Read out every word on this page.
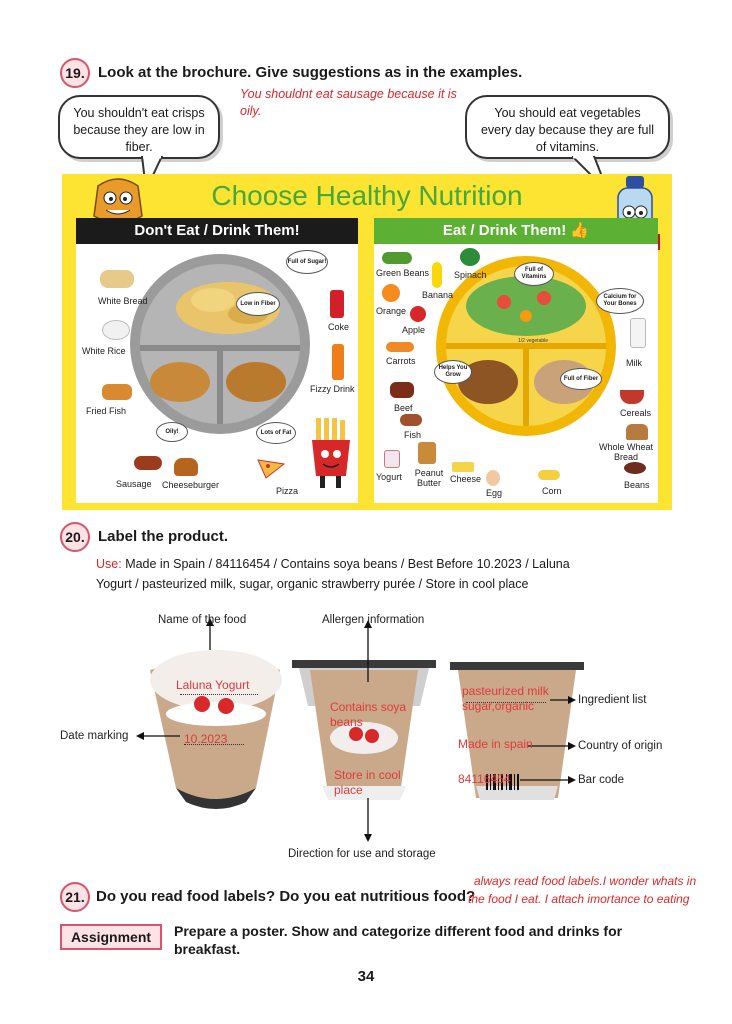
19. Look at the brochure. Give suggestions as in the examples.
You shouldnt eat sausage because it is oily.
You shouldn't eat crisps because they are low in fiber.
You should eat vegetables every day because they are full of vitamins.
Choose Healthy Nutrition
Don't Eat / Drink Them!
White Bread
White Rice
Fried Fish
Sausage Cheeseburger
Pizza
Coke
Fizzy Drink
Full of Sugar!
Low in Fiber
Oily!	Lots of Fat
Eat / Drink Them! 👍
1/2 vegetable
Green Beans	Spinach
Banana
Orange
Apple
Carrots
Beef
Fish
Yogurt Peanut Butter	Cheese
Egg	Corn
Milk
Cereals
Whole Wheat Bread
Beans
Full of Vitamins
Calcium for Your Bones
Helps You Grow
Full of Fiber
20. Label the product.
Use: Made in Spain / 84116454 / Contains soya beans / Best Before 10.2023 / Laluna
Yogurt / pasteurized milk, sugar, organic strawberry purée / Store in cool place
Name of the food	Allergen information
Date marking
Ingredient list
Country of origin
Bar code
Direction for use and storage
Laluna Yogurt
10.2023
Contains soya beans
Store in cool place
pasteurized milk sugar,organic
Made in spain
84116454
21. Do you read food labels? Do you eat nutritious food?
always read food labels.I wonder whats in
the food I eat. I attach imortance to eating
Assignment	Prepare a poster. Show and categorize different food and drinks for breakfast.
34
